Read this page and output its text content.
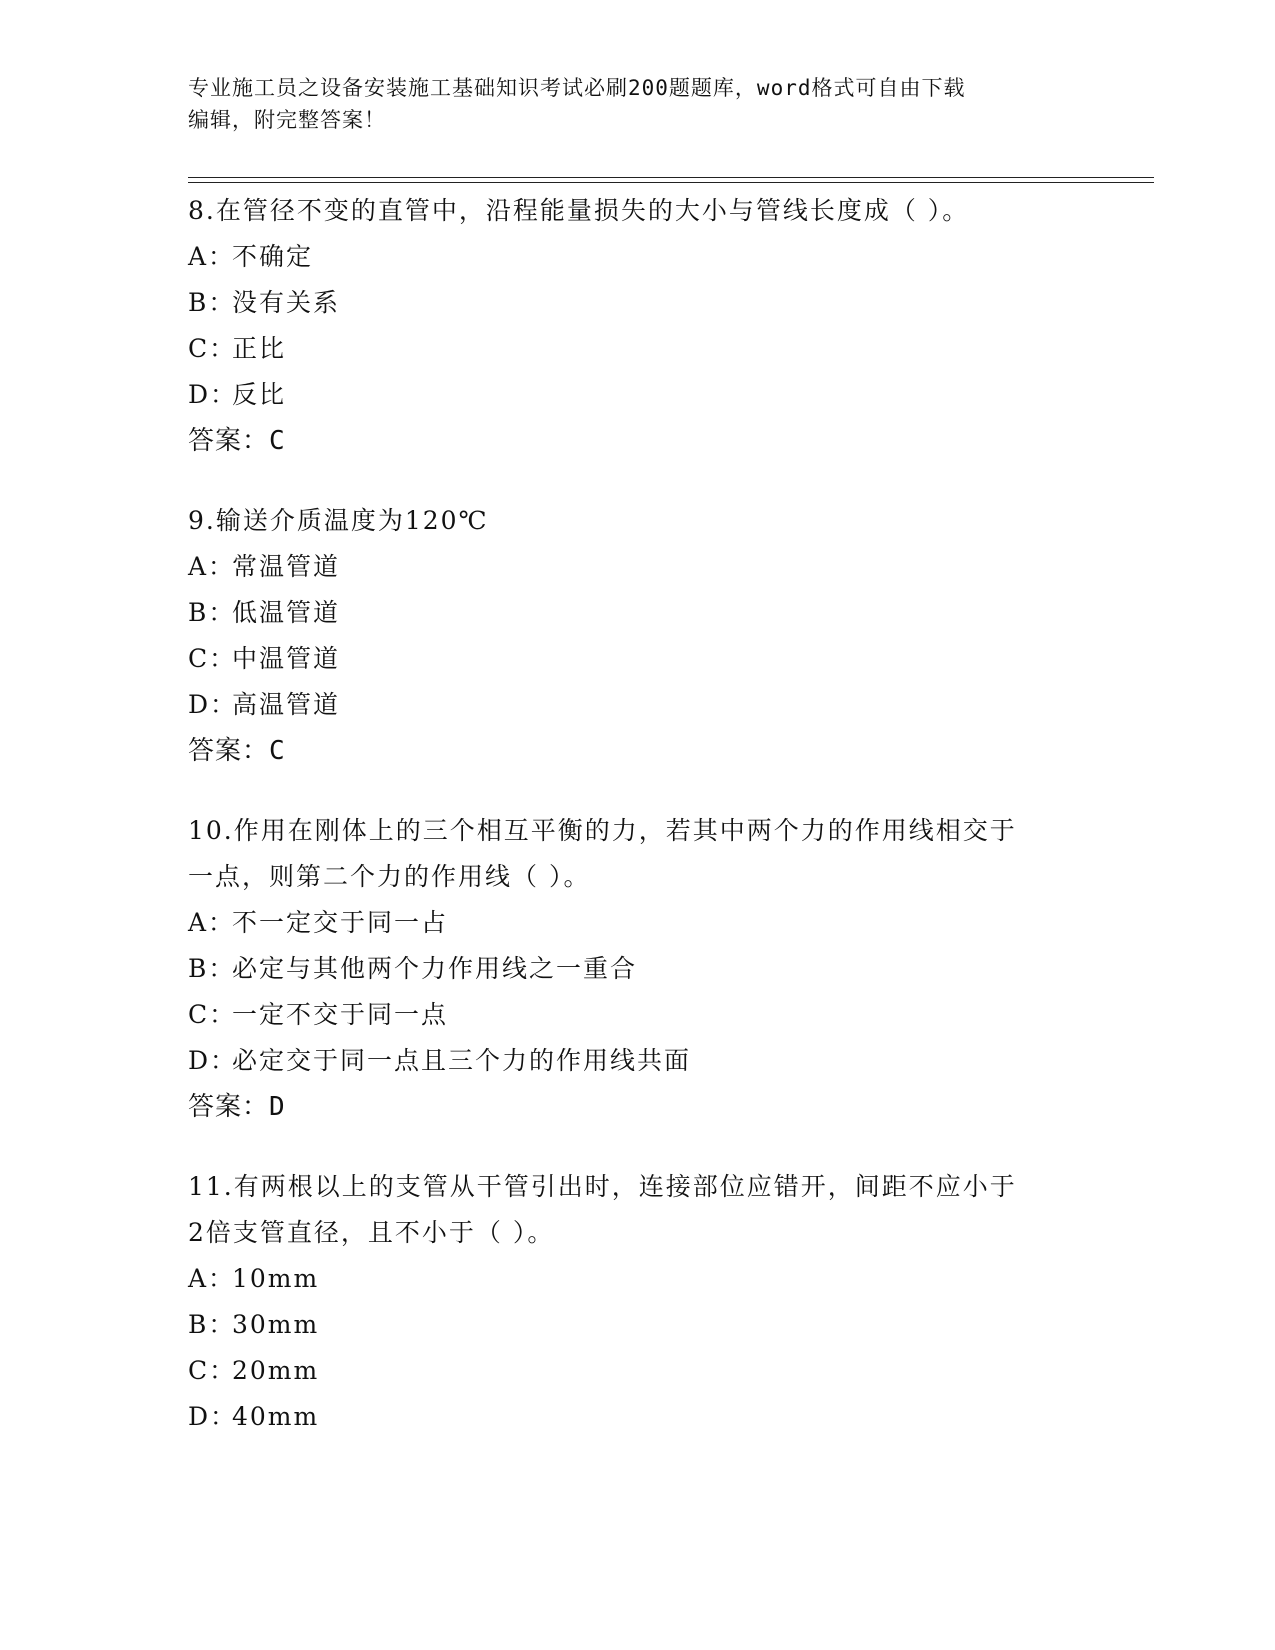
专业施工员之设备安装施工基础知识考试必刷200题题库，word格式可自由下载
编辑，附完整答案！
8.在管径不变的直管中，沿程能量损失的大小与管线长度成（ ）。
A：不确定
B：没有关系
C：正比
D：反比
答案：C
9.输送介质温度为120℃
A：常温管道
B：低温管道
C：中温管道
D：高温管道
答案：C
10.作用在刚体上的三个相互平衡的力，若其中两个力的作用线相交于
一点，则第二个力的作用线（ ）。
A：不一定交于同一占
B：必定与其他两个力作用线之一重合
C：一定不交于同一点
D：必定交于同一点且三个力的作用线共面
答案：D
11.有两根以上的支管从干管引出时，连接部位应错开，间距不应小于
2倍支管直径，且不小于（ ）。
A：10mm
B：30mm
C：20mm
D：40mm
